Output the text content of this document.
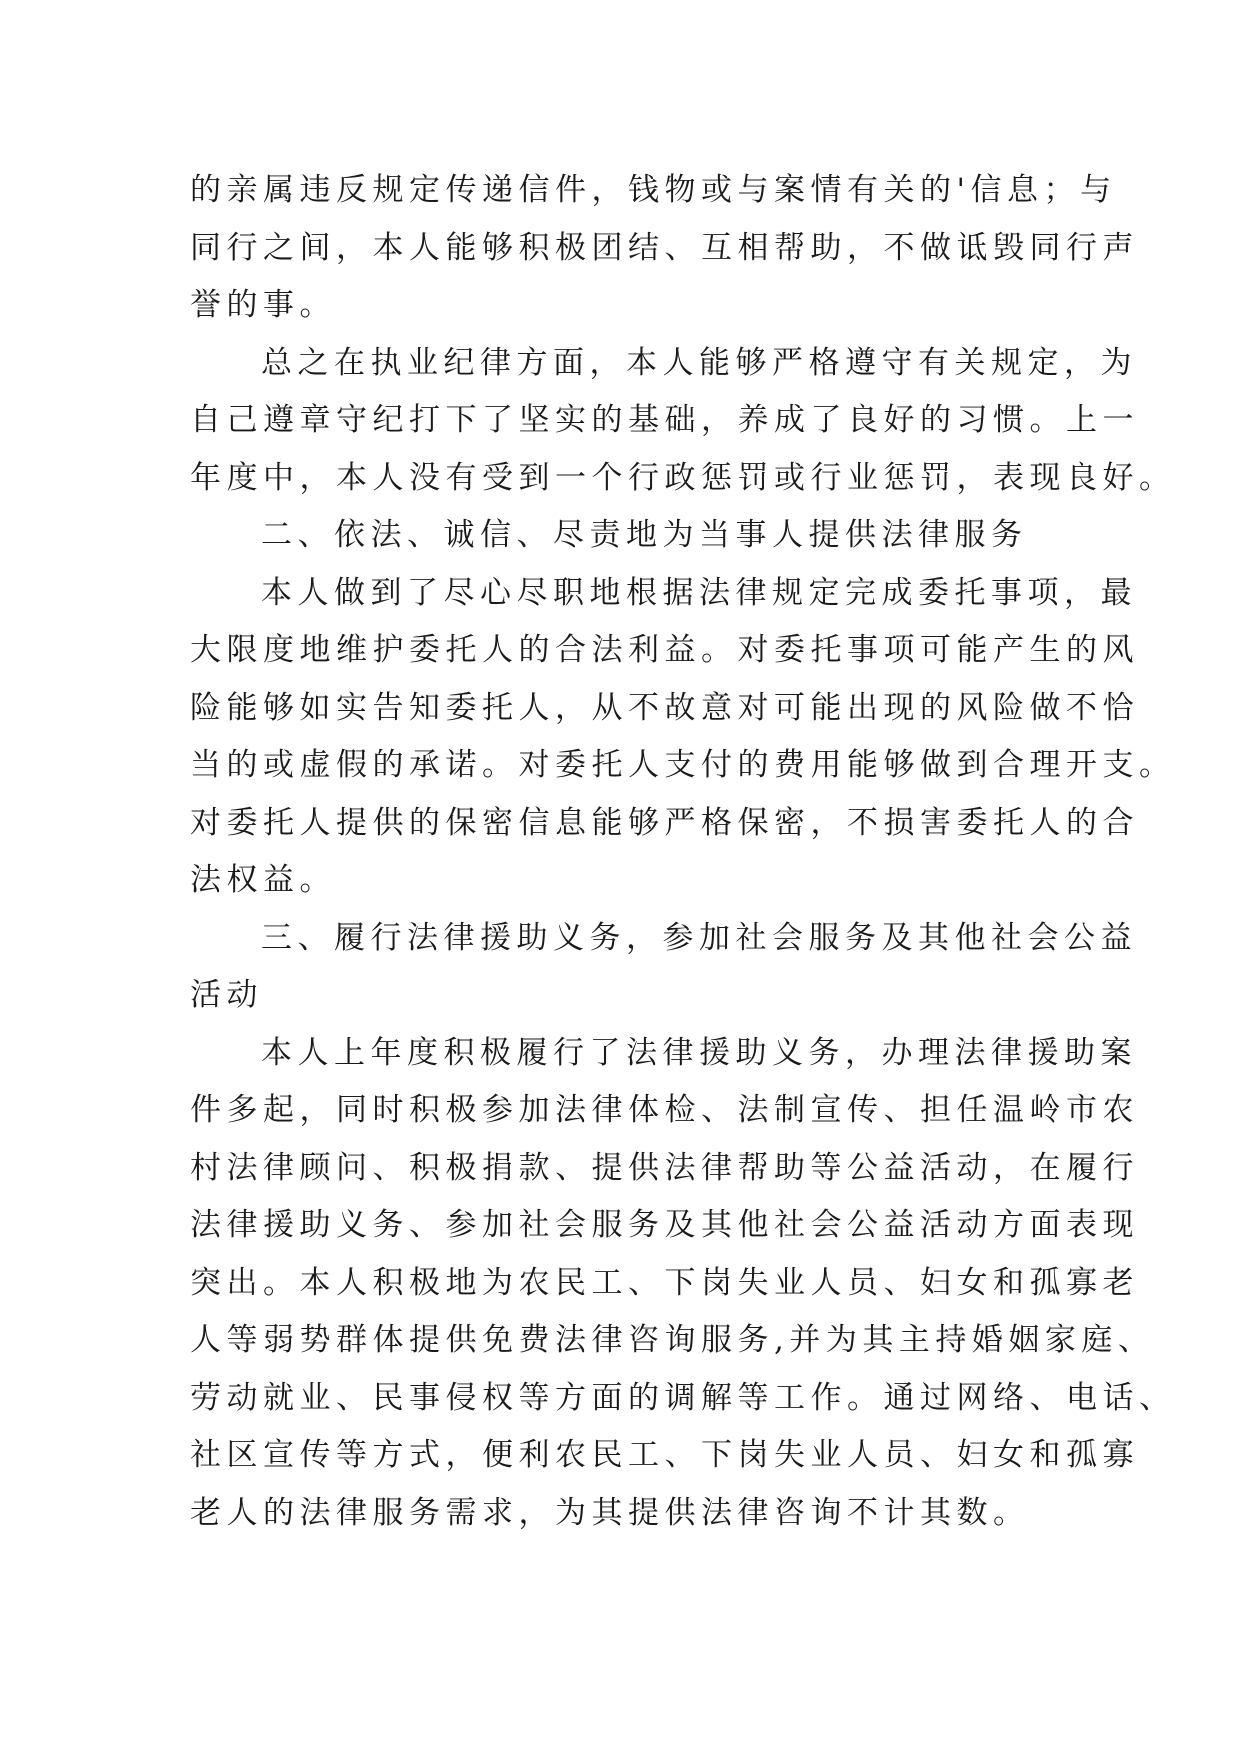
的亲属违反规定传递信件，钱物或与案情有关的'信息；与
同行之间，本人能够积极团结、互相帮助，不做诋毁同行声
誉的事。
总之在执业纪律方面，本人能够严格遵守有关规定，为
自己遵章守纪打下了坚实的基础，养成了良好的习惯。上一
年度中，本人没有受到一个行政惩罚或行业惩罚，表现良好。
二、依法、诚信、尽责地为当事人提供法律服务
本人做到了尽心尽职地根据法律规定完成委托事项，最
大限度地维护委托人的合法利益。对委托事项可能产生的风
险能够如实告知委托人，从不故意对可能出现的风险做不恰
当的或虚假的承诺。对委托人支付的费用能够做到合理开支。
对委托人提供的保密信息能够严格保密，不损害委托人的合
法权益。
三、履行法律援助义务，参加社会服务及其他社会公益
活动
本人上年度积极履行了法律援助义务，办理法律援助案
件多起，同时积极参加法律体检、法制宣传、担任温岭市农
村法律顾问、积极捐款、提供法律帮助等公益活动，在履行
法律援助义务、参加社会服务及其他社会公益活动方面表现
突出。本人积极地为农民工、下岗失业人员、妇女和孤寡老
人等弱势群体提供免费法律咨询服务,并为其主持婚姻家庭、
劳动就业、民事侵权等方面的调解等工作。通过网络、电话、
社区宣传等方式，便利农民工、下岗失业人员、妇女和孤寡
老人的法律服务需求，为其提供法律咨询不计其数。
